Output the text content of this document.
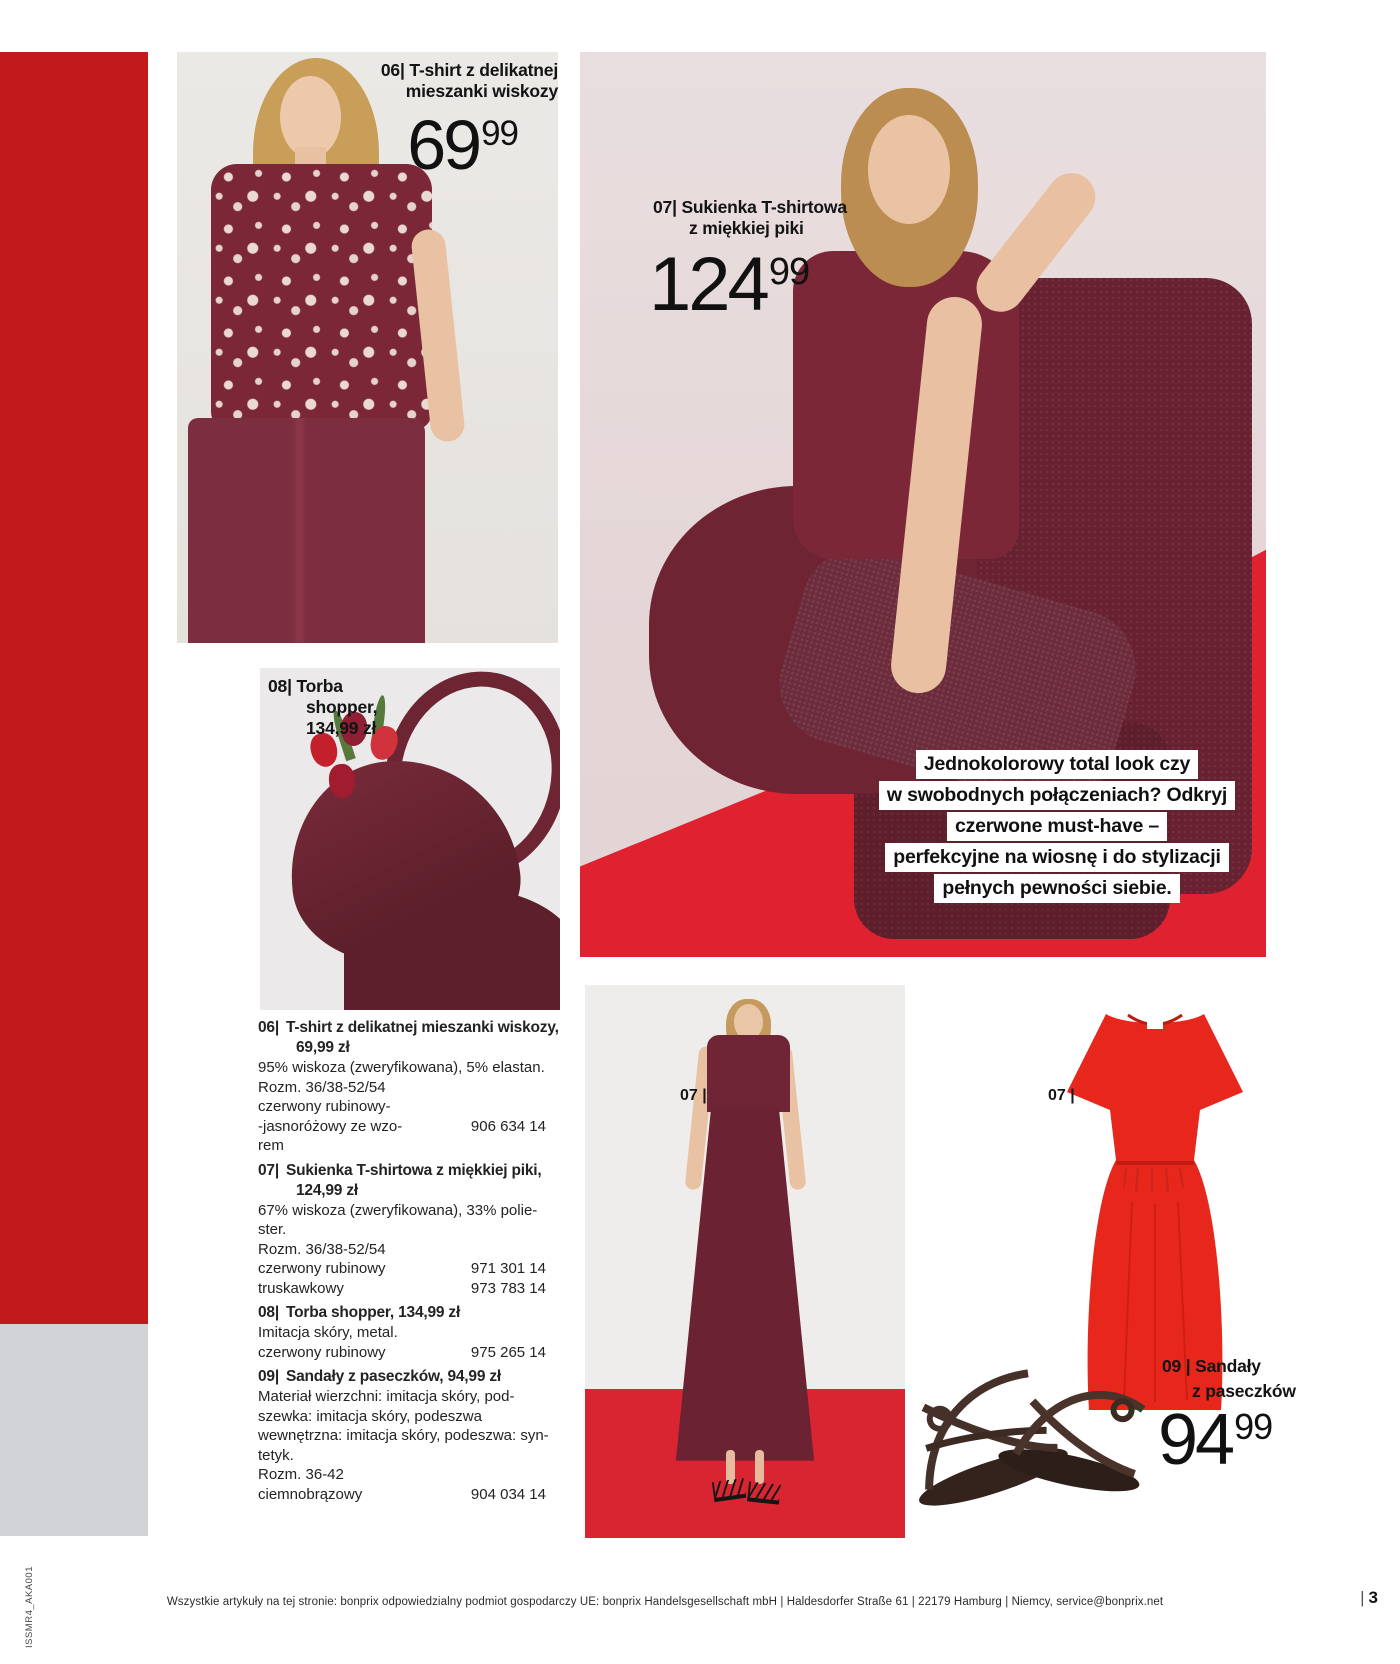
06| T-shirt z delikatnej
mieszanki wiskozy
$69^{99}$
07| Sukienka T-shirtowa
z miękkiej piki
$124^{99}$
08| Torba
shopper,
134,99 zł
Jednokolorowy total look czy
w swobodnych połączeniach? Odkryj
czerwone must-have –
perfekcyjne na wiosnę i do stylizacji
pełnych pewności siebie.
07 |	07 |
09 | Sandały
z paseczków
$94^{99}$
06| T-shirt z delikatnej mieszanki wiskozy, 69,99 zł
95% wiskoza (zweryfikowana), 5% elastan.
Rozm. 36/38-52/54
czerwony rubinowy-
-jasnoróżowy ze wzo-	906 634 14
rem
07| Sukienka T-shirtowa z miękkiej piki, 124,99 zł
67% wiskoza (zweryfikowana), 33% polie-
ster.
Rozm. 36/38-52/54
czerwony rubinowy	971 301 14
truskawkowy	973 783 14
08| Torba shopper, 134,99 zł
Imitacja skóry, metal.
czerwony rubinowy	975 265 14
09| Sandały z paseczków, 94,99 zł
Materiał wierzchni: imitacja skóry, pod-
szewka: imitacja skóry, podeszwa
wewnętrzna: imitacja skóry, podeszwa: syn-
tetyk.
Rozm. 36-42
ciemnobrązowy	904 034 14
Wszystkie artykuły na tej stronie: bonprix odpowiedzialny podmiot gospodarczy UE: bonprix Handelsgesellschaft mbH | Haldesdorfer Straße 61 | 22179 Hamburg | Niemcy, service@bonprix.net	| 3
ISSMR4_AKA001
